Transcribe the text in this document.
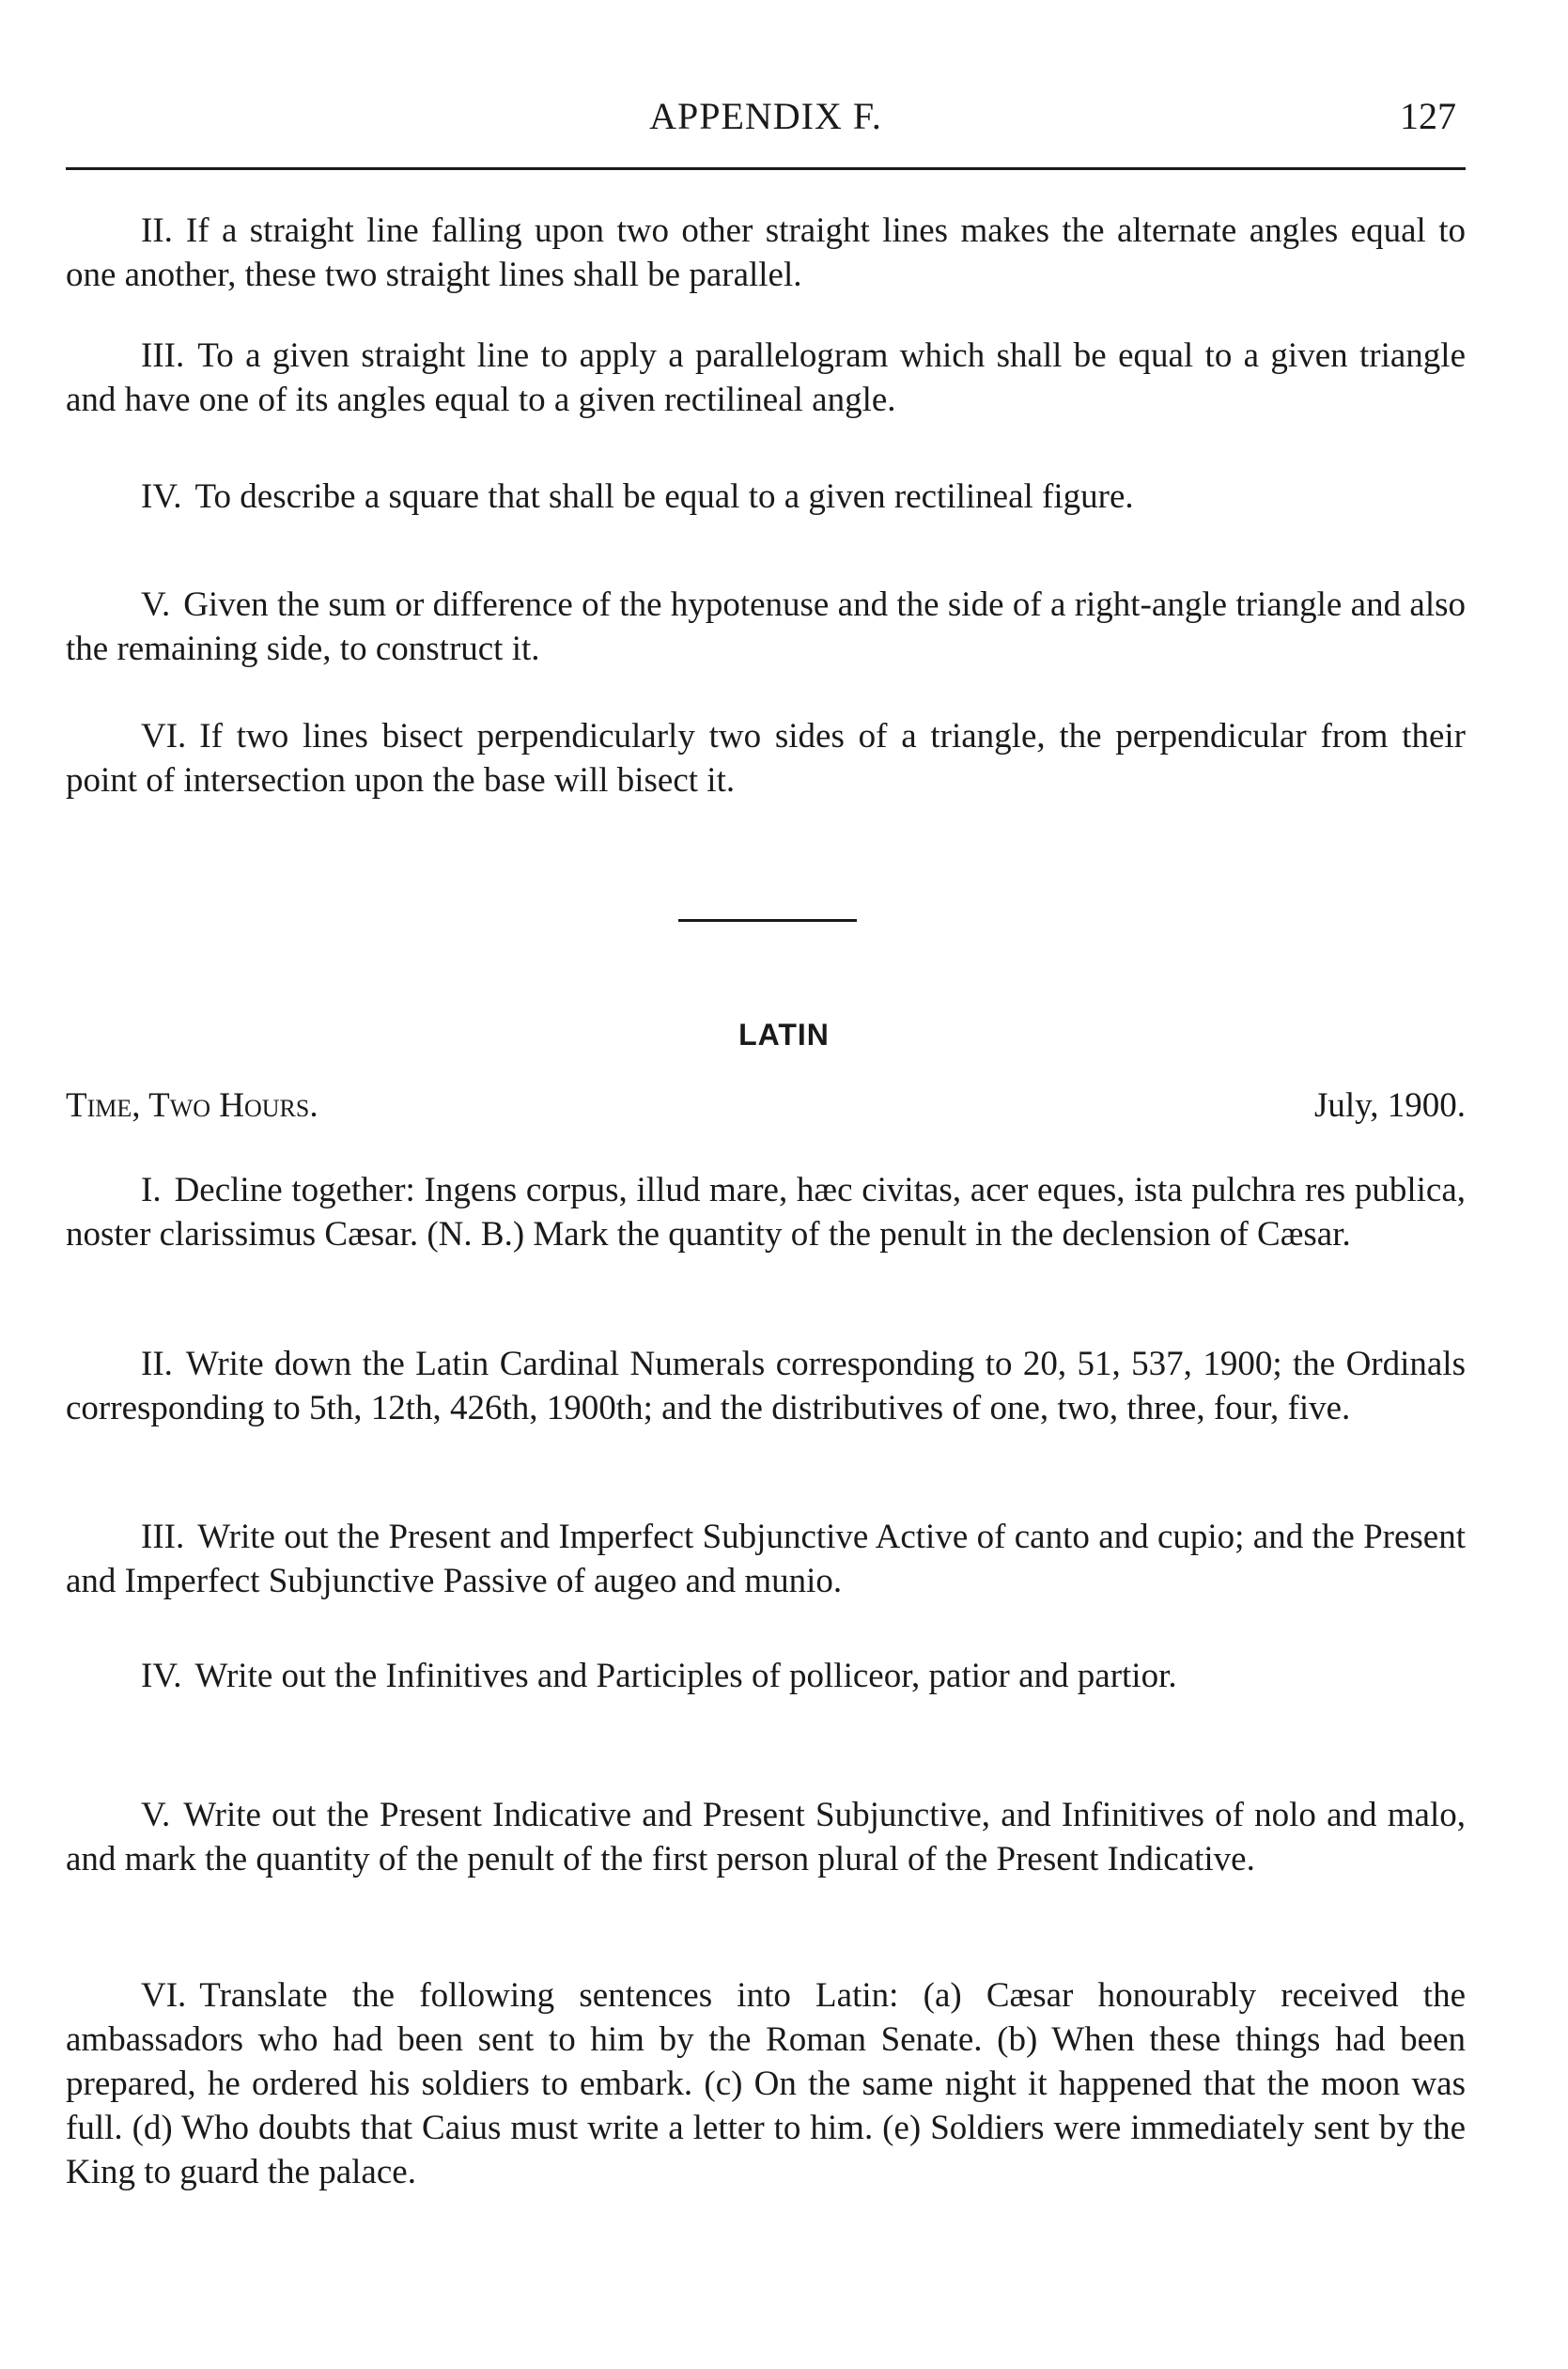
APPENDIX F.	127
II. If a straight line falling upon two other straight lines makes the alternate angles equal to one another, these two straight lines shall be parallel.
III. To a given straight line to apply a parallelogram which shall be equal to a given triangle and have one of its angles equal to a given rectilineal angle.
IV. To describe a square that shall be equal to a given rectilineal figure.
V. Given the sum or difference of the hypotenuse and the side of a right-angle triangle and also the remaining side, to construct it.
VI. If two lines bisect perpendicularly two sides of a triangle, the perpendicular from their point of intersection upon the base will bisect it.
LATIN
Time, Two Hours.	July, 1900.
I. Decline together: Ingens corpus, illud mare, hæc civitas, acer eques, ista pulchra res publica, noster clarissimus Cæsar. (N. B.) Mark the quantity of the penult in the declension of Cæsar.
II. Write down the Latin Cardinal Numerals corresponding to 20, 51, 537, 1900; the Ordinals corresponding to 5th, 12th, 426th, 1900th; and the distributives of one, two, three, four, five.
III. Write out the Present and Imperfect Subjunctive Active of canto and cupio; and the Present and Imperfect Subjunctive Passive of augeo and munio.
IV. Write out the Infinitives and Participles of polliceor, patior and partior.
V. Write out the Present Indicative and Present Subjunctive, and Infinitives of nolo and malo, and mark the quantity of the penult of the first person plural of the Present Indicative.
VI. Translate the following sentences into Latin: (a) Cæsar honourably received the ambassadors who had been sent to him by the Roman Senate. (b) When these things had been prepared, he ordered his soldiers to embark. (c) On the same night it happened that the moon was full. (d) Who doubts that Caius must write a letter to him. (e) Soldiers were immediately sent by the King to guard the palace.
